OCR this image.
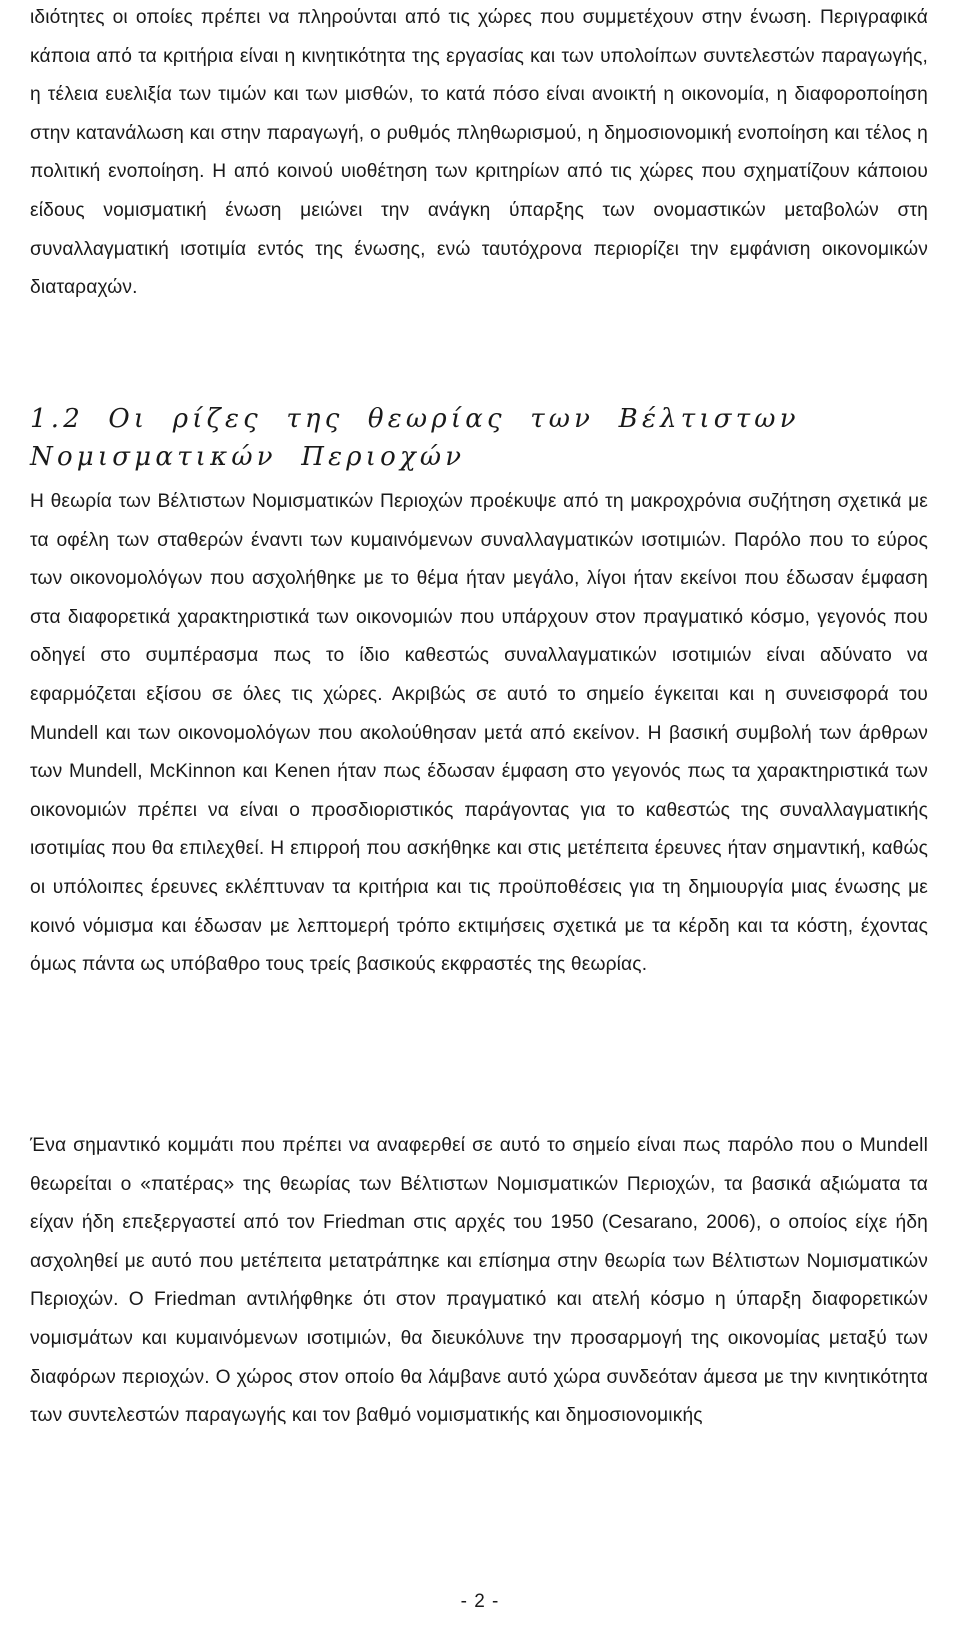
ιδιότητες οι οποίες πρέπει να πληρούνται από τις χώρες που συμμετέχουν στην ένωση. Περιγραφικά κάποια από τα κριτήρια είναι η κινητικότητα της εργασίας και των υπολοίπων συντελεστών παραγωγής, η τέλεια ευελιξία των τιμών και των μισθών, το κατά πόσο είναι ανοικτή η οικονομία, η διαφοροποίηση στην κατανάλωση και στην παραγωγή, ο ρυθμός πληθωρισμού, η δημοσιονομική ενοποίηση και τέλος η πολιτική ενοποίηση. Η από κοινού υιοθέτηση των κριτηρίων από τις χώρες που σχηματίζουν κάποιου είδους νομισματική ένωση μειώνει την ανάγκη ύπαρξης των ονομαστικών μεταβολών στη συναλλαγματική ισοτιμία εντός της ένωσης, ενώ ταυτόχρονα περιορίζει την εμφάνιση οικονομικών διαταραχών.

1.2 Οι ρίζες της θεωρίας των Βέλτιστων Νομισματικών Περιοχών

Η θεωρία των Βέλτιστων Νομισματικών Περιοχών προέκυψε από τη μακροχρόνια συζήτηση σχετικά με τα οφέλη των σταθερών έναντι των κυμαινόμενων συναλλαγματικών ισοτιμιών. Παρόλο που το εύρος των οικονομολόγων που ασχολήθηκε με το θέμα ήταν μεγάλο, λίγοι ήταν εκείνοι που έδωσαν έμφαση στα διαφορετικά χαρακτηριστικά των οικονομιών που υπάρχουν στον πραγματικό κόσμο, γεγονός που οδηγεί στο συμπέρασμα πως το ίδιο καθεστώς συναλλαγματικών ισοτιμιών είναι αδύνατο να εφαρμόζεται εξίσου σε όλες τις χώρες. Ακριβώς σε αυτό το σημείο έγκειται και η συνεισφορά του Mundell και των οικονομολόγων που ακολούθησαν μετά από εκείνον. Η βασική συμβολή των άρθρων των Mundell, McKinnon και Kenen ήταν πως έδωσαν έμφαση στο γεγονός πως τα χαρακτηριστικά των οικονομιών πρέπει να είναι ο προσδιοριστικός παράγοντας για το καθεστώς της συναλλαγματικής ισοτιμίας που θα επιλεχθεί. Η επιρροή που ασκήθηκε και στις μετέπειτα έρευνες ήταν σημαντική, καθώς οι υπόλοιπες έρευνες εκλέπτυναν τα κριτήρια και τις προϋποθέσεις για τη δημιουργία μιας ένωσης με κοινό νόμισμα και έδωσαν με λεπτομερή τρόπο εκτιμήσεις σχετικά με τα κέρδη και τα κόστη, έχοντας όμως πάντα ως υπόβαθρο τους τρείς βασικούς εκφραστές της θεωρίας.

Ένα σημαντικό κομμάτι που πρέπει να αναφερθεί σε αυτό το σημείο είναι πως παρόλο που ο Mundell θεωρείται ο «πατέρας» της θεωρίας των Βέλτιστων Νομισματικών Περιοχών, τα βασικά αξιώματα τα είχαν ήδη επεξεργαστεί από τον Friedman στις αρχές του 1950 (Cesarano, 2006), ο οποίος είχε ήδη ασχοληθεί με αυτό που μετέπειτα μετατράπηκε και επίσημα στην θεωρία των Βέλτιστων Νομισματικών Περιοχών. Ο Friedman αντιλήφθηκε ότι στον πραγματικό και ατελή κόσμο η ύπαρξη διαφορετικών νομισμάτων και κυμαινόμενων ισοτιμιών, θα διευκόλυνε την προσαρμογή της οικονομίας μεταξύ των διαφόρων περιοχών. Ο χώρος στον οποίο θα λάμβανε αυτό χώρα συνδεόταν άμεσα με την κινητικότητα των συντελεστών παραγωγής και τον βαθμό νομισματικής και δημοσιονομικής

- 2 -
